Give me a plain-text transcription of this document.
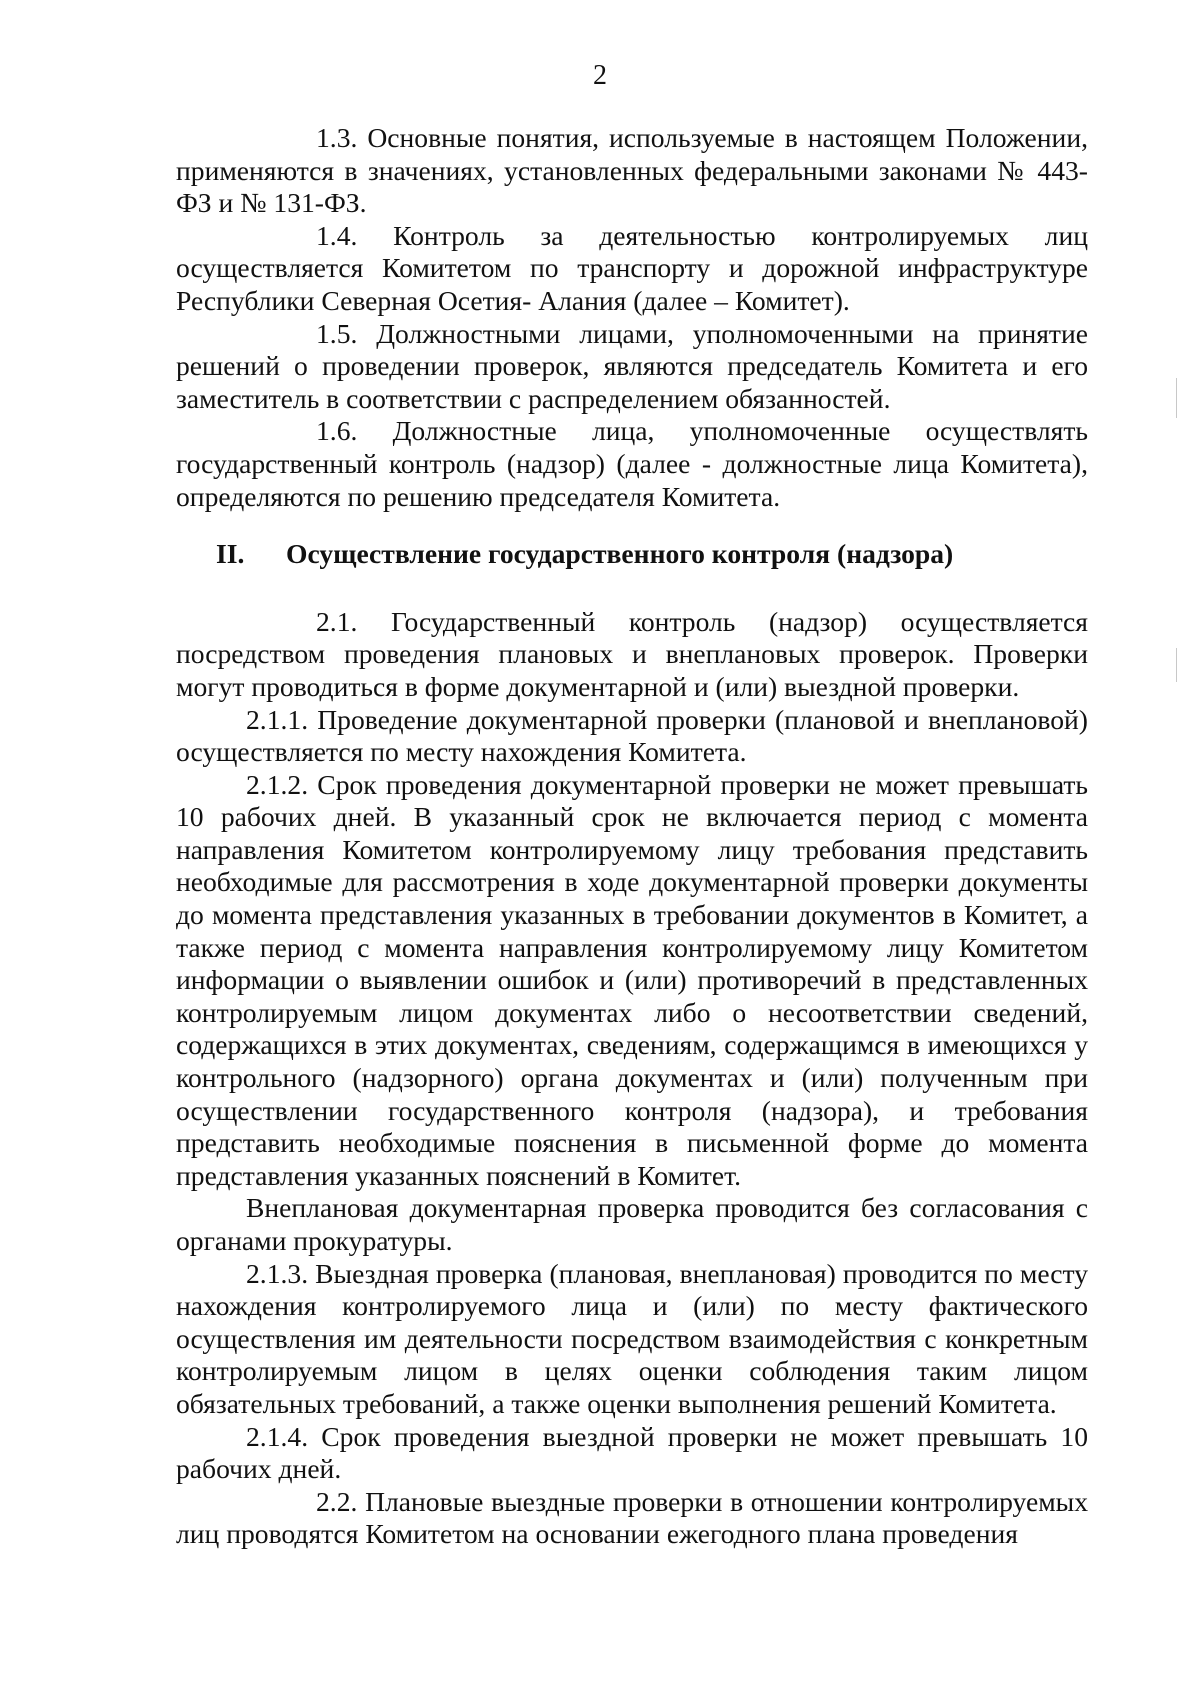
2

1.3. Основные понятия, используемые в настоящем Положении, применяются в значениях, установленных федеральными законами № 443-ФЗ и № 131-ФЗ.

1.4. Контроль за деятельностью контролируемых лиц осуществляется Комитетом по транспорту и дорожной инфраструктуре Республики Северная Осетия- Алания (далее – Комитет).

1.5. Должностными лицами, уполномоченными на принятие решений о проведении проверок, являются председатель Комитета и его заместитель в соответствии с распределением обязанностей.

1.6. Должностные лица, уполномоченные осуществлять государственный контроль (надзор) (далее - должностные лица Комитета), определяются по решению председателя Комитета.

II.	Осуществление государственного контроля (надзора)

2.1. Государственный контроль (надзор) осуществляется посредством проведения плановых и внеплановых проверок. Проверки могут проводиться в форме документарной и (или) выездной проверки.

2.1.1. Проведение документарной проверки (плановой и внеплановой) осуществляется по месту нахождения Комитета.

2.1.2. Срок проведения документарной проверки не может превышать 10 рабочих дней. В указанный срок не включается период с момента направления Комитетом контролируемому лицу требования представить необходимые для рассмотрения в ходе документарной проверки документы до момента представления указанных в требовании документов в Комитет, а также период с момента направления контролируемому лицу Комитетом информации о выявлении ошибок и (или) противоречий в представленных контролируемым лицом документах либо о несоответствии сведений, содержащихся в этих документах, сведениям, содержащимся в имеющихся у контрольного (надзорного) органа документах и (или) полученным при осуществлении государственного контроля (надзора), и требования представить необходимые пояснения в письменной форме до момента представления указанных пояснений в Комитет.

Внеплановая документарная проверка проводится без согласования с органами прокуратуры.

2.1.3. Выездная проверка (плановая, внеплановая) проводится по месту нахождения контролируемого лица и (или) по месту фактического осуществления им деятельности посредством взаимодействия с конкретным контролируемым лицом в целях оценки соблюдения таким лицом обязательных требований, а также оценки выполнения решений Комитета.

2.1.4. Срок проведения выездной проверки не может превышать 10 рабочих дней.

2.2. Плановые выездные проверки в отношении контролируемых лиц проводятся Комитетом на основании ежегодного плана проведения
